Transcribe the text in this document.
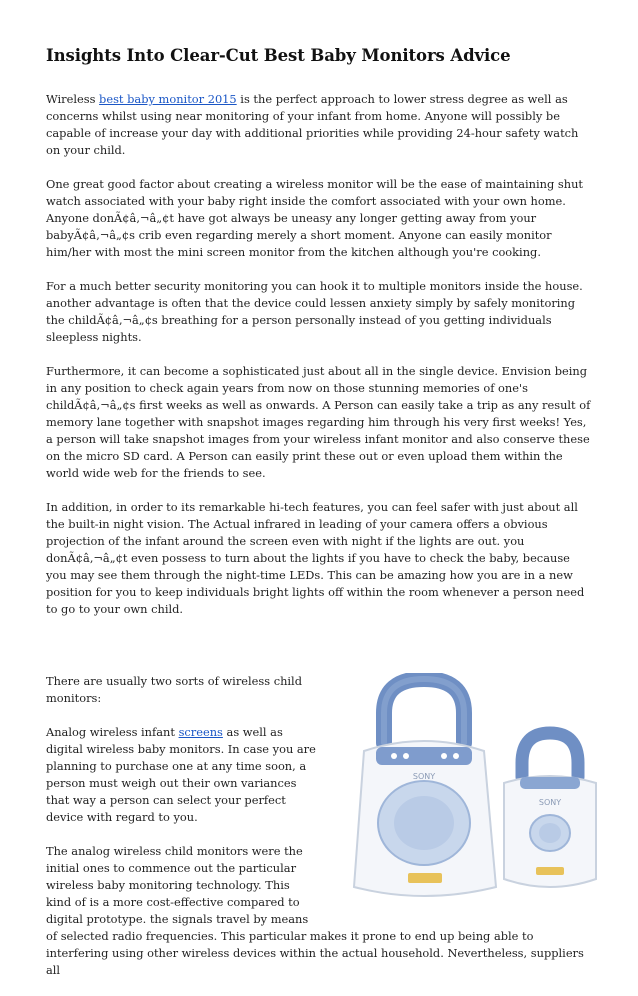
Insights Into Clear-Cut Best Baby Monitors Advice

Wireless best baby monitor 2015 is the perfect approach to lower stress degree as well as concerns whilst using near monitoring of your infant from home. Anyone will possibly be capable of increase your day with additional priorities while providing 24-hour safety watch on your child.

One great good factor about creating a wireless monitor will be the ease of maintaining shut watch associated with your baby right inside the comfort associated with your own home. Anyone donÃ¢â‚¬â„¢t have got always be uneasy any longer getting away from your babyÃ¢â‚¬â„¢s crib even regarding merely a short moment. Anyone can easily monitor him/her with most the mini screen monitor from the kitchen although you're cooking.

For a much better security monitoring you can hook it to multiple monitors inside the house. another advantage is often that the device could lessen anxiety simply by safely monitoring the childÃ¢â‚¬â„¢s breathing for a person personally instead of you getting individuals sleepless nights.

Furthermore, it can become a sophisticated just about all in the single device. Envision being in any position to check again years from now on those stunning memories of one's childÃ¢â‚¬â„¢s first weeks as well as onwards. A Person can easily take a trip as any result of memory lane together with snapshot images regarding him through his very first weeks! Yes, a person will take snapshot images from your wireless infant monitor and also conserve these on the micro SD card. A Person can easily print these out or even upload them within the world wide web for the friends to see.

In addition, in order to its remarkable hi-tech features, you can feel safer with just about all the built-in night vision. The Actual infrared in leading of your camera offers a obvious projection of the infant around the screen even with night if the lights are out. you donÃ¢â‚¬â„¢t even possess to turn about the lights if you have to check the baby, because you may see them through the night-time LEDs. This can be amazing how you are in a new position for you to keep individuals bright lights off within the room whenever a person need to go to your own child.

SONY
SONY

There are usually two sorts of wireless child monitors:

Analog wireless infant screens as well as digital wireless baby monitors. In case you are planning to purchase one at any time soon, a person must weigh out their own variances that way a person can select your perfect device with regard to you.

The analog wireless child monitors were the initial ones to commence out the particular wireless baby monitoring technology. This kind of is a more cost-effective compared to digital prototype. the signals travel by means of selected radio frequencies. This particular makes it prone to end up being able to interfering using other wireless devices within the actual household. Nevertheless, suppliers all
